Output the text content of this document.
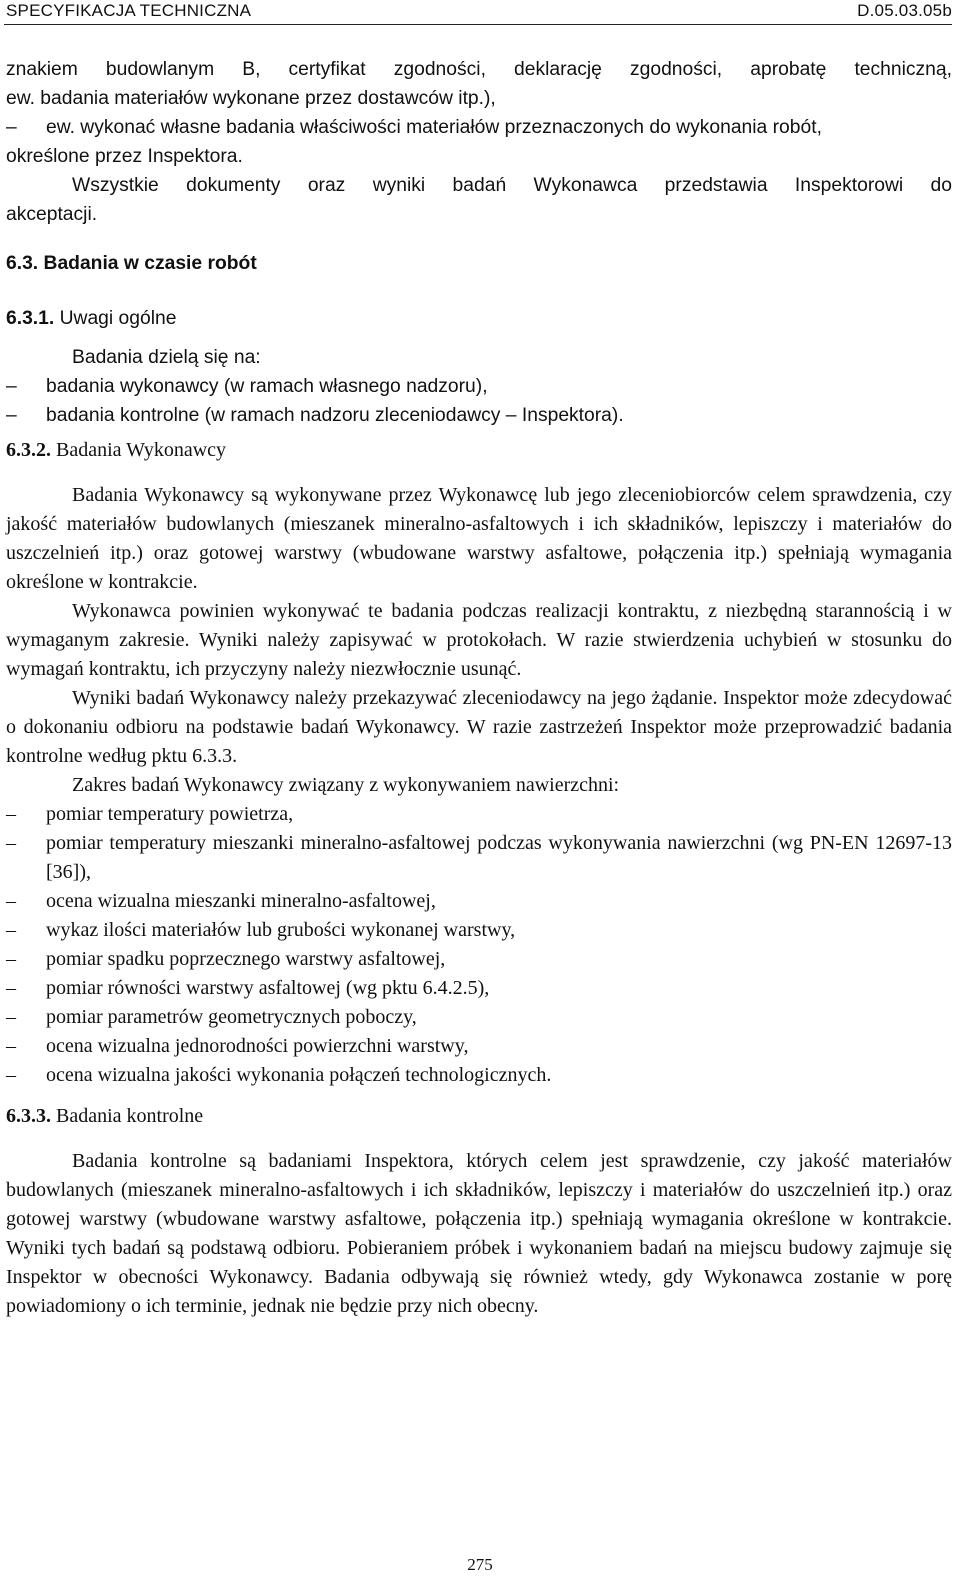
SPECYFIKACJA TECHNICZNA	D.05.03.05b

znakiem budowlanym B, certyfikat zgodności, deklarację zgodności, aprobatę techniczną,

ew. badania materiałów wykonane przez dostawców itp.),

– ew. wykonać własne badania właściwości materiałów przeznaczonych do wykonania robót,

określone przez Inspektora.

Wszystkie dokumenty oraz wyniki badań Wykonawca przedstawia Inspektorowi do

akceptacji.

6.3. Badania w czasie robót

6.3.1. Uwagi ogólne

Badania dzielą się na:

– badania wykonawcy (w ramach własnego nadzoru),
– badania kontrolne (w ramach nadzoru zleceniodawcy – Inspektora).

6.3.2. Badania Wykonawcy

Badania Wykonawcy są wykonywane przez Wykonawcę lub jego zleceniobiorców celem sprawdzenia, czy jakość materiałów budowlanych (mieszanek mineralno-asfaltowych i ich składników, lepiszczy i materiałów do uszczelnień itp.) oraz gotowej warstwy (wbudowane warstwy asfaltowe, połączenia itp.) spełniają wymagania określone w kontrakcie.

Wykonawca powinien wykonywać te badania podczas realizacji kontraktu, z niezbędną starannością i w wymaganym zakresie. Wyniki należy zapisywać w protokołach. W razie stwierdzenia uchybień w stosunku do wymagań kontraktu, ich przyczyny należy niezwłocznie usunąć.

Wyniki badań Wykonawcy należy przekazywać zleceniodawcy na jego żądanie. Inspektor może zdecydować o dokonaniu odbioru na podstawie badań Wykonawcy. W razie zastrzeżeń Inspektor może przeprowadzić badania kontrolne według pktu 6.3.3.

Zakres badań Wykonawcy związany z wykonywaniem nawierzchni:

– pomiar temperatury powietrza,
– pomiar temperatury mieszanki mineralno-asfaltowej podczas wykonywania nawierzchni (wg PN-EN 12697-13 [36]),
– ocena wizualna mieszanki mineralno-asfaltowej,
– wykaz ilości materiałów lub grubości wykonanej warstwy,
– pomiar spadku poprzecznego warstwy asfaltowej,
– pomiar równości warstwy asfaltowej (wg pktu 6.4.2.5),
– pomiar parametrów geometrycznych poboczy,
– ocena wizualna jednorodności powierzchni warstwy,
– ocena wizualna jakości wykonania połączeń technologicznych.

6.3.3. Badania kontrolne

Badania kontrolne są badaniami Inspektora, których celem jest sprawdzenie, czy jakość materiałów budowlanych (mieszanek mineralno-asfaltowych i ich składników, lepiszczy i materiałów do uszczelnień itp.) oraz gotowej warstwy (wbudowane warstwy asfaltowe, połączenia itp.) spełniają wymagania określone w kontrakcie. Wyniki tych badań są podstawą odbioru. Pobieraniem próbek i wykonaniem badań na miejscu budowy zajmuje się Inspektor w obecności Wykonawcy. Badania odbywają się również wtedy, gdy Wykonawca zostanie w porę powiadomiony o ich terminie, jednak nie będzie przy nich obecny.

275
